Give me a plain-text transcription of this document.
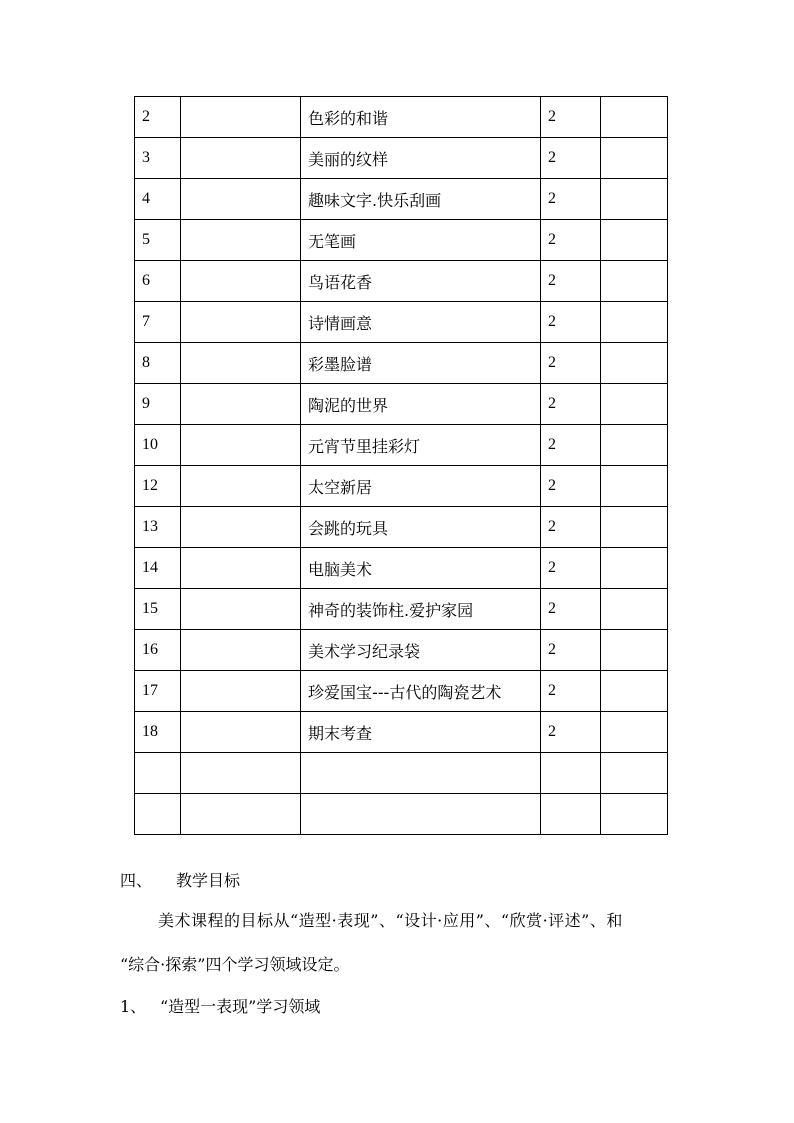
2		色彩的和谐	2	
3		美丽的纹样	2	
4		趣味文字.快乐刮画	2	
5		无笔画	2	
6		鸟语花香	2	
7		诗情画意	2	
8		彩墨脸谱	2	
9		陶泥的世界	2	
10		元宵节里挂彩灯	2	
12		太空新居	2	
13		会跳的玩具	2	
14		电脑美术	2	
15		神奇的装饰柱.爱护家园	2	
16		美术学习纪录袋	2	
17		珍爱国宝---古代的陶瓷艺术	2	
18		期末考查	2	

四、 教学目标
美术课程的目标从“造型·表现”、“设计·应用”、“欣赏·评述”、和
“综合·探索”四个学习领域设定。
1、 “造型一表现”学习领域
